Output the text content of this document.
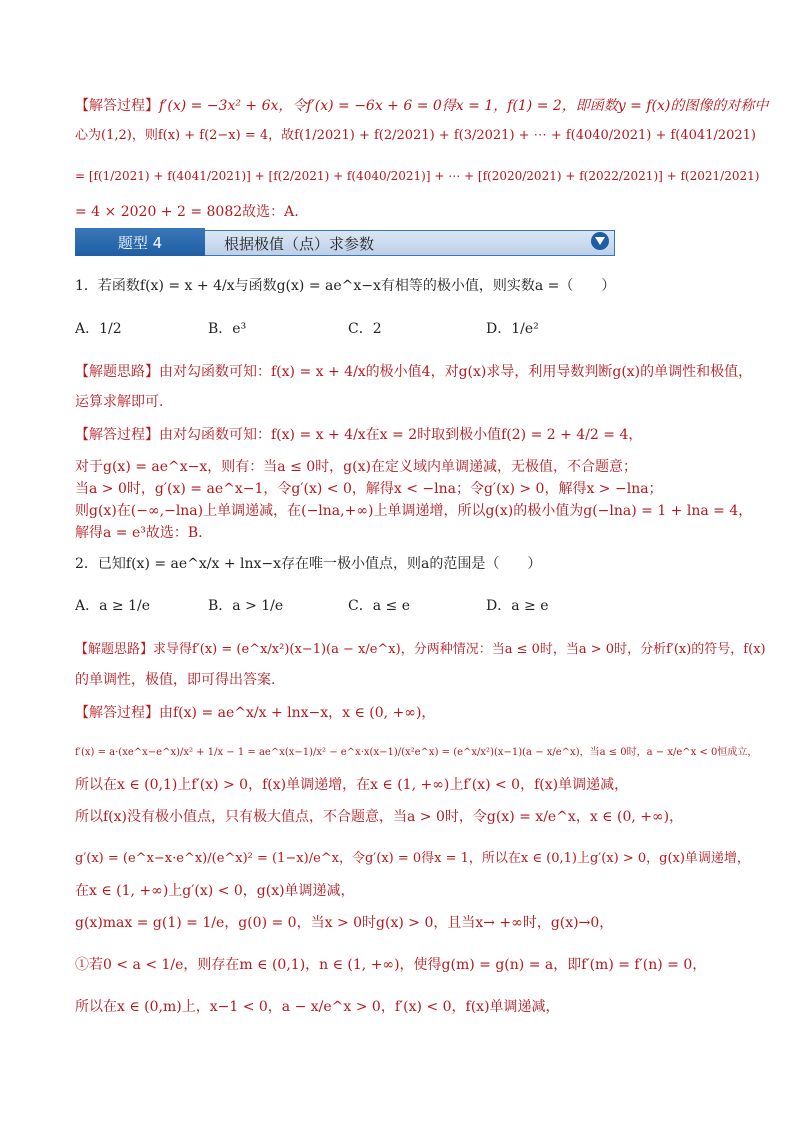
【解答过程】f′(x) = −3x² + 6x，令f′(x) = −6x + 6 = 0得x = 1，f(1) = 2，即函数y = f(x)的图像的对称中
心为(1,2)，则f(x) + f(2−x) = 4，故f(1/2021) + f(2/2021) + f(3/2021) + ⋯ + f(4040/2021) + f(4041/2021)
= [f(1/2021) + f(4041/2021)] + [f(2/2021) + f(4040/2021)] + ⋯ + [f(2020/2021) + f(2022/2021)] + f(2021/2021)
= 4 × 2020 + 2 = 8082故选：A.
根据极值（点）求参数
题型 4
1．若函数f(x) = x + 4/x与函数g(x) = ae^x−x有相等的极小值，则实数a =（　　）
A．1/2	B．e³	C．2	D．1/e²
【解题思路】由对勾函数可知：f(x) = x + 4/x的极小值4，对g(x)求导，利用导数判断g(x)的单调性和极值，
运算求解即可.
【解答过程】由对勾函数可知：f(x) = x + 4/x在x = 2时取到极小值f(2) = 2 + 4/2 = 4，
对于g(x) = ae^x−x，则有：当a ≤ 0时，g(x)在定义域内单调递减，无极值，不合题意；
当a > 0时，g′(x) = ae^x−1，令g′(x) < 0，解得x < −lna；令g′(x) > 0，解得x > −lna；
则g(x)在(−∞,−lna)上单调递减，在(−lna,+∞)上单调递增，所以g(x)的极小值为g(−lna) = 1 + lna = 4，
解得a = e³故选：B.
2．已知f(x) = ae^x/x + lnx−x存在唯一极小值点，则a的范围是（　　）
A．a ≥ 1/e	B．a > 1/e	C．a ≤ e	D．a ≥ e
【解题思路】求导得f′(x) = (e^x/x²)(x−1)(a − x/e^x)，分两种情况：当a ≤ 0时，当a > 0时，分析f′(x)的符号，f(x)
的单调性，极值，即可得出答案.
【解答过程】由f(x) = ae^x/x + lnx−x，x ∈ (0, +∞)，
f′(x) = a·(xe^x−e^x)/x² + 1/x − 1 = ae^x(x−1)/x² − e^x·x(x−1)/(x²e^x) = (e^x/x²)(x−1)(a − x/e^x)，当a ≤ 0时，a − x/e^x < 0恒成立，
所以在x ∈ (0,1)上f′(x) > 0，f(x)单调递增，在x ∈ (1, +∞)上f′(x) < 0，f(x)单调递减，
所以f(x)没有极小值点，只有极大值点，不合题意，当a > 0时，令g(x) = x/e^x，x ∈ (0, +∞)，
g′(x) = (e^x−x·e^x)/(e^x)² = (1−x)/e^x，令g′(x) = 0得x = 1，所以在x ∈ (0,1)上g′(x) > 0，g(x)单调递增，
在x ∈ (1, +∞)上g′(x) < 0，g(x)单调递减，
g(x)max = g(1) = 1/e，g(0) = 0，当x > 0时g(x) > 0，且当x→ +∞时，g(x)→0，
①若0 < a < 1/e，则存在m ∈ (0,1)，n ∈ (1, +∞)，使得g(m) = g(n) = a，即f′(m) = f′(n) = 0，
所以在x ∈ (0,m)上，x−1 < 0，a − x/e^x > 0，f′(x) < 0，f(x)单调递减，
